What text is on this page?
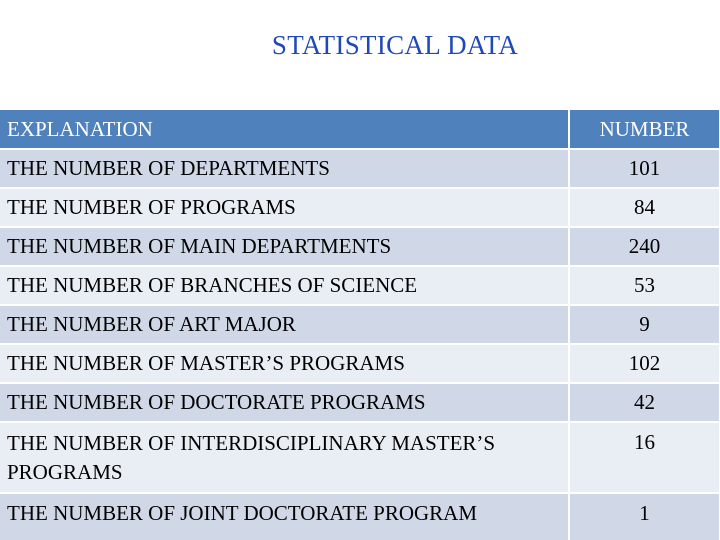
STATISTICAL DATA
EXPLANATION	NUMBER
THE NUMBER OF DEPARTMENTS	101
THE NUMBER OF PROGRAMS	84
THE NUMBER OF MAIN DEPARTMENTS	240
THE NUMBER OF BRANCHES OF SCIENCE	53
THE NUMBER OF ART MAJOR	9
THE NUMBER OF MASTER’S PROGRAMS	102
THE NUMBER OF DOCTORATE PROGRAMS	42
THE NUMBER OF INTERDISCIPLINARY MASTER’S PROGRAMS	16
THE NUMBER OF JOINT DOCTORATE PROGRAM	1
